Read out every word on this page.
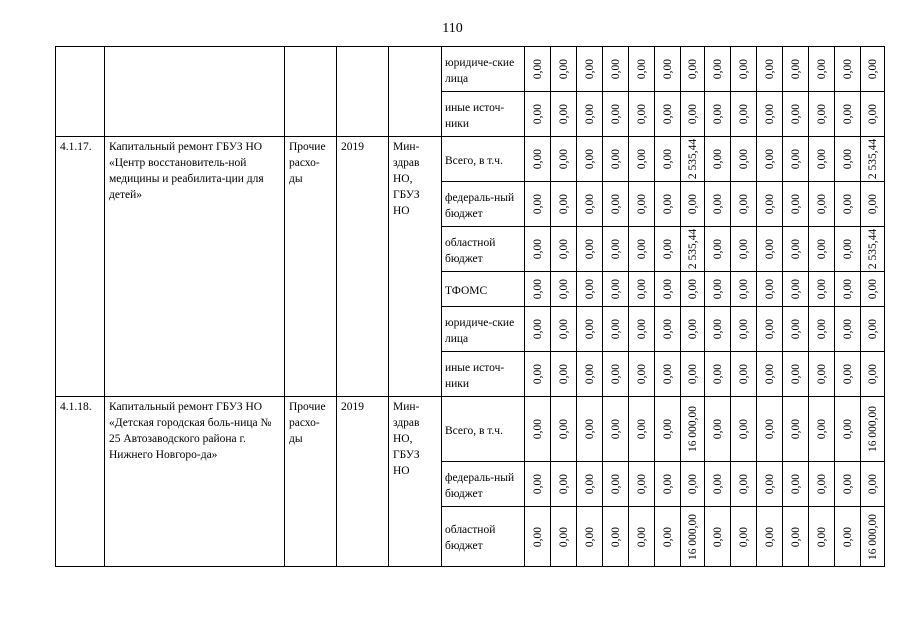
110
					юридиче-ские лица	0,00	0,00	0,00	0,00	0,00	0,00	0,00	0,00	0,00	0,00	0,00	0,00	0,00	0,00

					иные источ-ники	0,00	0,00	0,00	0,00	0,00	0,00	0,00	0,00	0,00	0,00	0,00	0,00	0,00	0,00

4.1.17.	Капитальный ремонт ГБУЗ НО «Центр восстановитель-ной медицины и реабилита-ции для детей»	Прочие расхо-ды	2019	Мин-здрав НО, ГБУЗ НО	Всего, в т.ч.	0,00	0,00	0,00	0,00	0,00	0,00	2 535,44	0,00	0,00	0,00	0,00	0,00	0,00	2 535,44

					федераль-ный бюджет	0,00	0,00	0,00	0,00	0,00	0,00	0,00	0,00	0,00	0,00	0,00	0,00	0,00	0,00

					областной бюджет	0,00	0,00	0,00	0,00	0,00	0,00	2 535,44	0,00	0,00	0,00	0,00	0,00	0,00	2 535,44

					ТФОМС	0,00	0,00	0,00	0,00	0,00	0,00	0,00	0,00	0,00	0,00	0,00	0,00	0,00	0,00

					юридиче-ские лица	0,00	0,00	0,00	0,00	0,00	0,00	0,00	0,00	0,00	0,00	0,00	0,00	0,00	0,00

					иные источ-ники	0,00	0,00	0,00	0,00	0,00	0,00	0,00	0,00	0,00	0,00	0,00	0,00	0,00	0,00

4.1.18.	Капитальный ремонт ГБУЗ НО «Детская городская боль-ница № 25 Автозаводского района г. Нижнего Новгоро-да»	Прочие расхо-ды	2019	Мин-здрав НО, ГБУЗ НО	Всего, в т.ч.	0,00	0,00	0,00	0,00	0,00	0,00	16 000,00	0,00	0,00	0,00	0,00	0,00	0,00	16 000,00

					федераль-ный бюджет	0,00	0,00	0,00	0,00	0,00	0,00	0,00	0,00	0,00	0,00	0,00	0,00	0,00	0,00

					областной бюджет	0,00	0,00	0,00	0,00	0,00	0,00	16 000,00	0,00	0,00	0,00	0,00	0,00	0,00	16 000,00
